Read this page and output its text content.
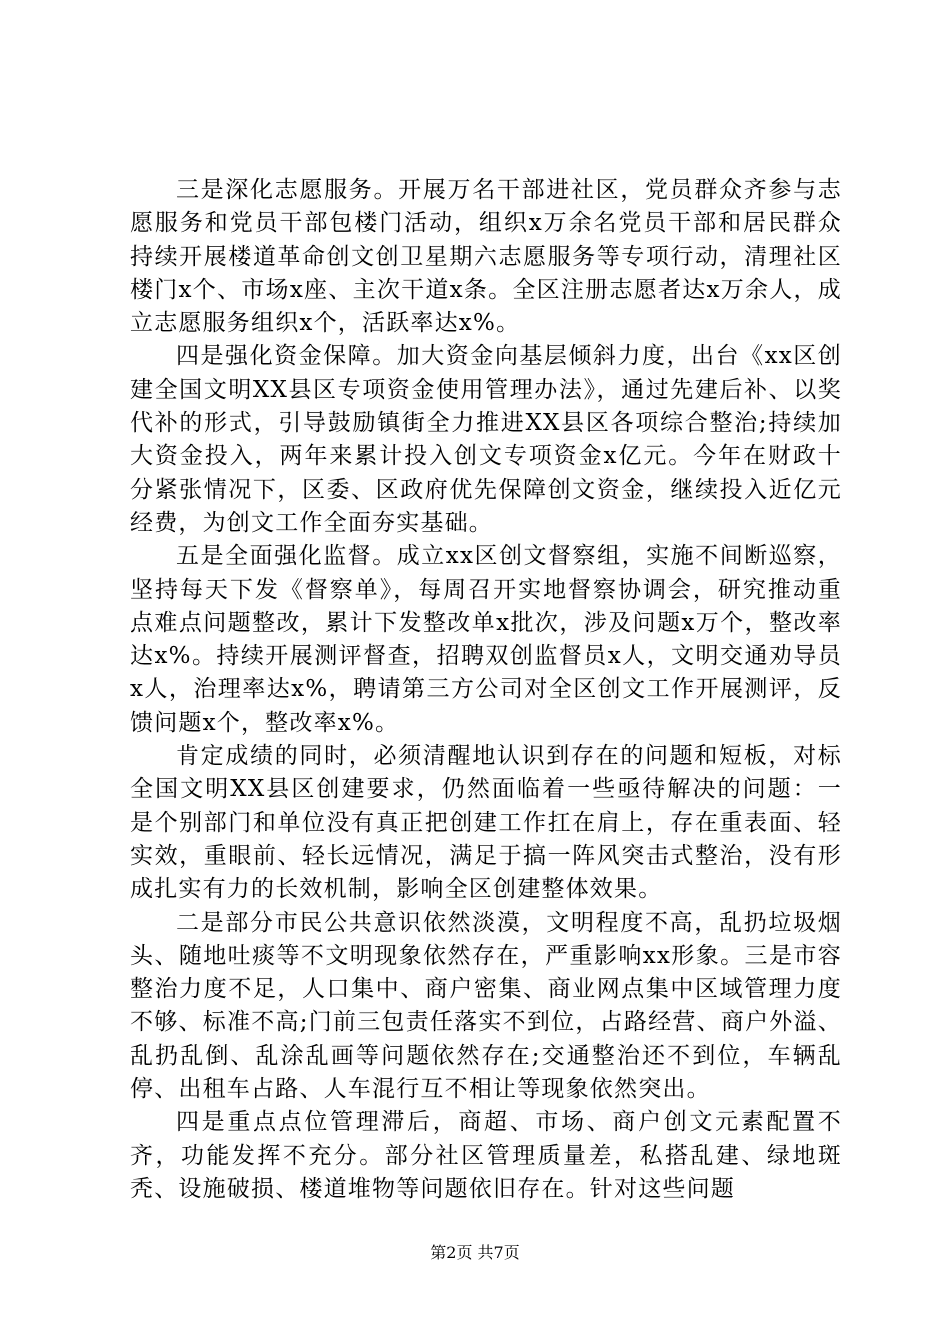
三是深化志愿服务。开展万名干部进社区，党员群众齐参与志愿服务和党员干部包楼门活动，组织x万余名党员干部和居民群众持续开展楼道革命创文创卫星期六志愿服务等专项行动，清理社区楼门x个、市场x座、主次干道x条。全区注册志愿者达x万余人，成立志愿服务组织x个，活跃率达x%。

四是强化资金保障。加大资金向基层倾斜力度，出台《xx区创建全国文明XX县区专项资金使用管理办法》，通过先建后补、以奖代补的形式，引导鼓励镇街全力推进XX县区各项综合整治;持续加大资金投入，两年来累计投入创文专项资金x亿元。今年在财政十分紧张情况下，区委、区政府优先保障创文资金，继续投入近亿元经费，为创文工作全面夯实基础。

五是全面强化监督。成立xx区创文督察组，实施不间断巡察，坚持每天下发《督察单》，每周召开实地督察协调会，研究推动重点难点问题整改，累计下发整改单x批次，涉及问题x万个，整改率达x%。持续开展测评督查，招聘双创监督员x人，文明交通劝导员x人，治理率达x%，聘请第三方公司对全区创文工作开展测评，反馈问题x个，整改率x%。

肯定成绩的同时，必须清醒地认识到存在的问题和短板，对标全国文明XX县区创建要求，仍然面临着一些亟待解决的问题：一是个别部门和单位没有真正把创建工作扛在肩上，存在重表面、轻实效，重眼前、轻长远情况，满足于搞一阵风突击式整治，没有形成扎实有力的长效机制，影响全区创建整体效果。

二是部分市民公共意识依然淡漠，文明程度不高，乱扔垃圾烟头、随地吐痰等不文明现象依然存在，严重影响xx形象。三是市容整治力度不足，人口集中、商户密集、商业网点集中区域管理力度不够、标准不高;门前三包责任落实不到位，占路经营、商户外溢、乱扔乱倒、乱涂乱画等问题依然存在;交通整治还不到位，车辆乱停、出租车占路、人车混行互不相让等现象依然突出。

四是重点点位管理滞后，商超、市场、商户创文元素配置不齐，功能发挥不充分。部分社区管理质量差，私搭乱建、绿地斑秃、设施破损、楼道堆物等问题依旧存在。针对这些问题

第2页 共7页
